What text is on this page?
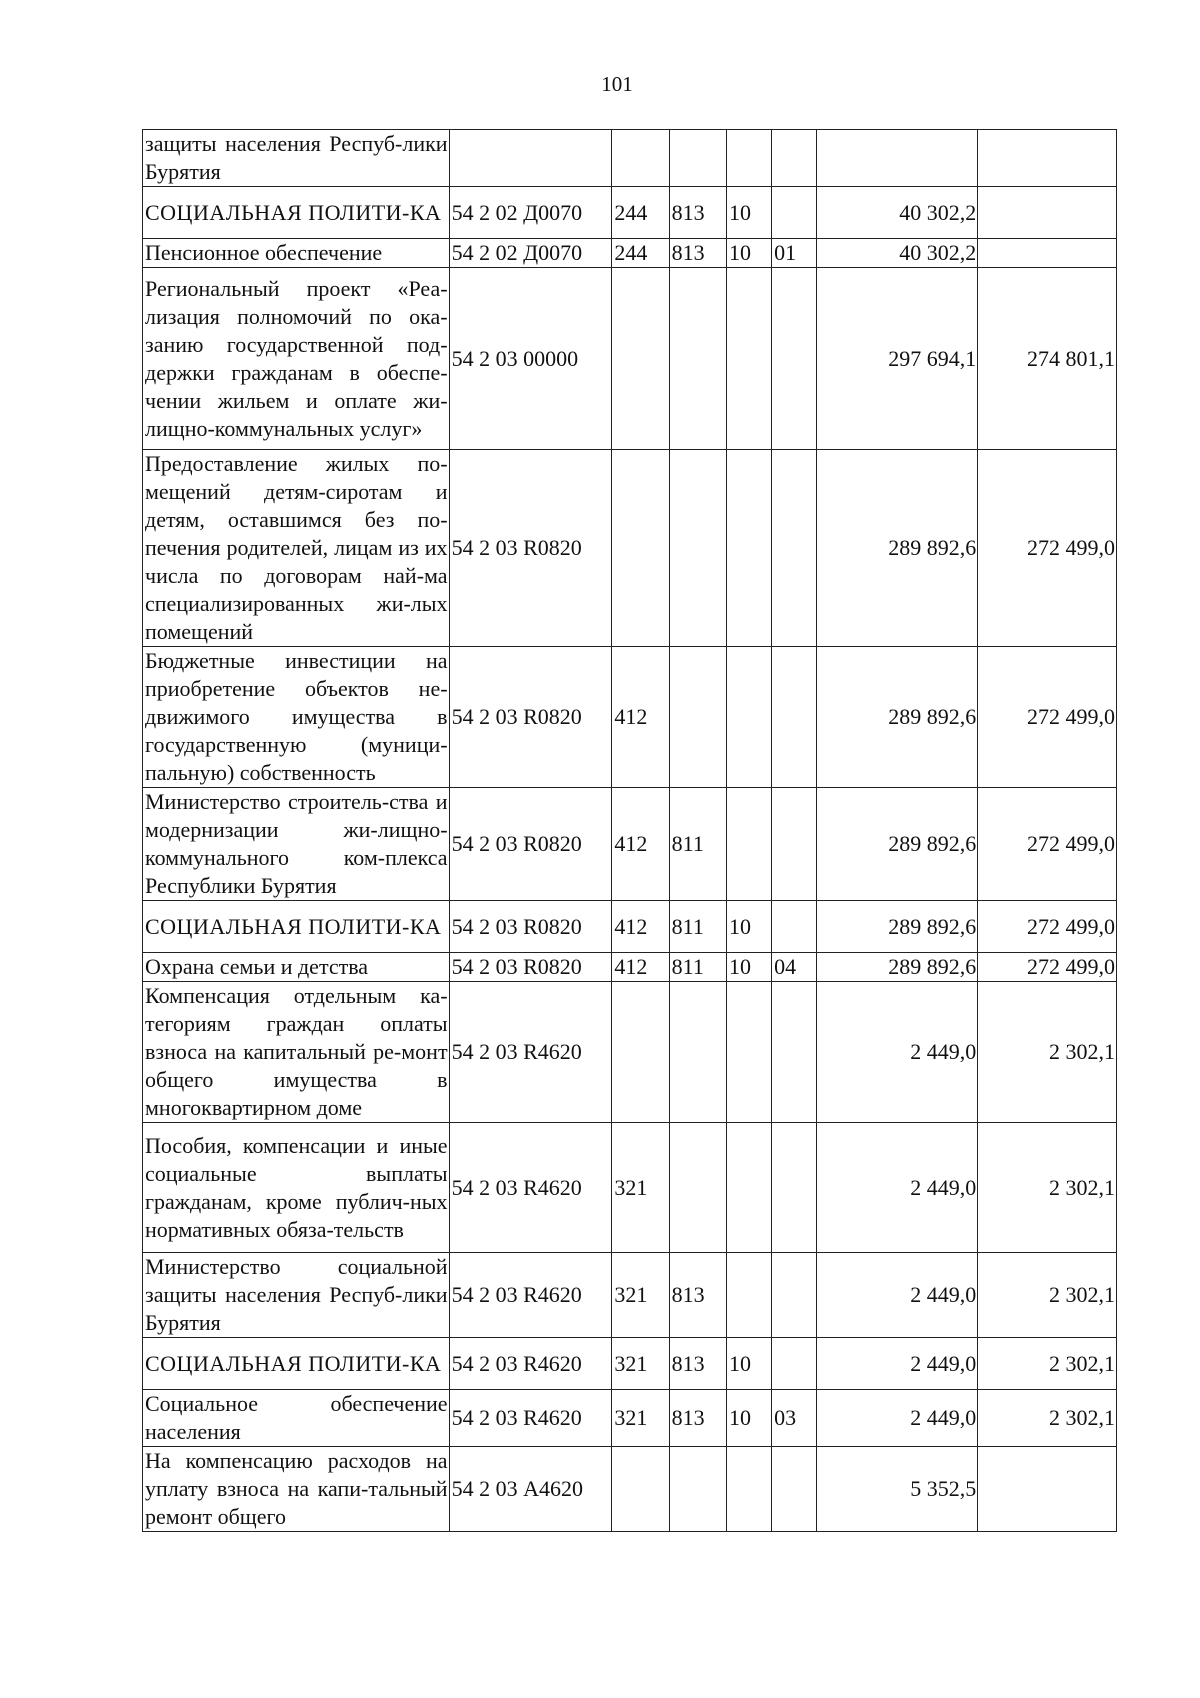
101
защиты населения Респуб-лики Бурятия							
СОЦИАЛЬНАЯ ПОЛИТИ-КА	54 2 02 Д0070	244	813	10		40 302,2	
Пенсионное обеспечение	54 2 02 Д0070	244	813	10	01	40 302,2	
Региональный проект «Реа-лизация полномочий по ока-занию государственной под-держки гражданам в обеспе-чении жильем и оплате жи-лищно-коммунальных услуг»	54 2 03 00000					297 694,1	274 801,1
Предоставление жилых по-мещений детям-сиротам и детям, оставшимся без по-печения родителей, лицам из их числа по договорам най-ма специализированных жи-лых помещений	54 2 03 R0820					289 892,6	272 499,0
Бюджетные инвестиции на приобретение объектов не-движимого имущества в государственную (муници-пальную) собственность	54 2 03 R0820	412				289 892,6	272 499,0
Министерство строитель-ства и модернизации жи-лищно-коммунального ком-плекса Республики Бурятия	54 2 03 R0820	412	811			289 892,6	272 499,0
СОЦИАЛЬНАЯ ПОЛИТИ-КА	54 2 03 R0820	412	811	10		289 892,6	272 499,0
Охрана семьи и детства	54 2 03 R0820	412	811	10	04	289 892,6	272 499,0
Компенсация отдельным ка-тегориям граждан оплаты взноса на капитальный ре-монт общего имущества в многоквартирном доме	54 2 03 R4620					2 449,0	2 302,1
Пособия, компенсации и иные социальные выплаты гражданам, кроме публич-ных нормативных обяза-тельств	54 2 03 R4620	321				2 449,0	2 302,1
Министерство социальной защиты населения Респуб-лики Бурятия	54 2 03 R4620	321	813			2 449,0	2 302,1
СОЦИАЛЬНАЯ ПОЛИТИ-КА	54 2 03 R4620	321	813	10		2 449,0	2 302,1
Социальное обеспечение населения	54 2 03 R4620	321	813	10	03	2 449,0	2 302,1
На компенсацию расходов на уплату взноса на капи-тальный ремонт общего	54 2 03 А4620					5 352,5	
